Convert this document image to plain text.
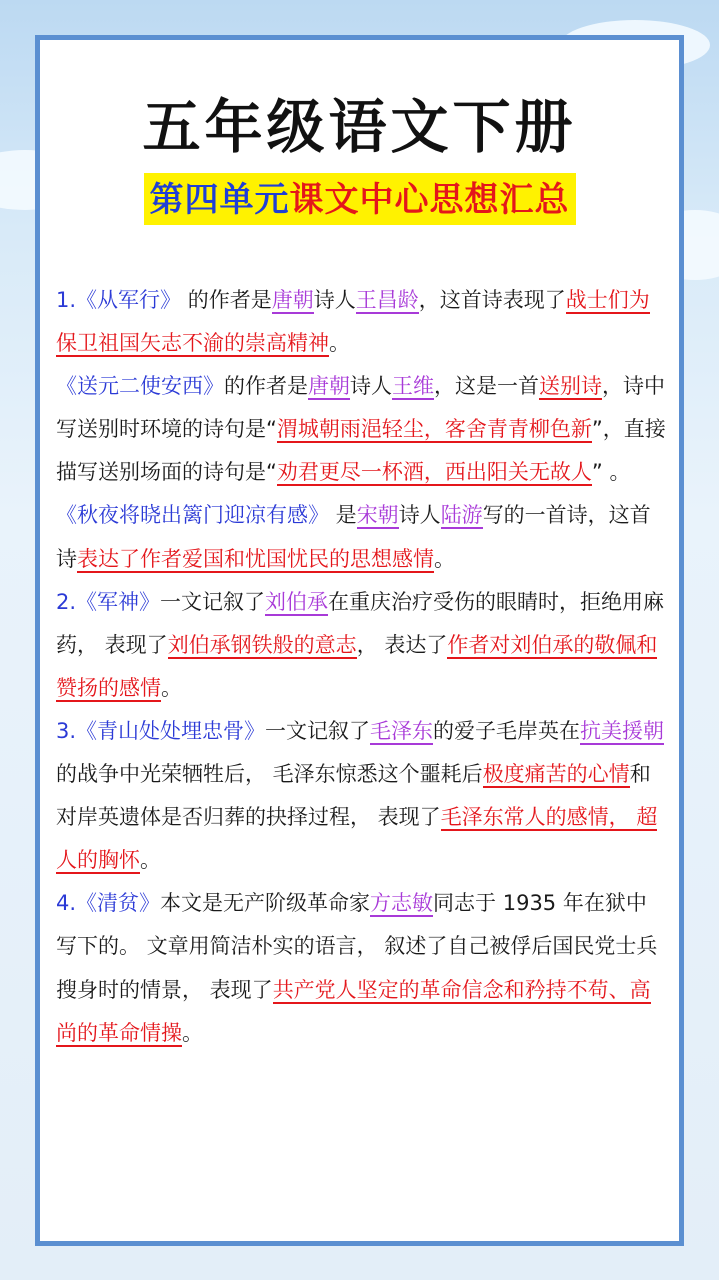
五年级语文下册
第四单元课文中心思想汇总

1.《从军行》 的作者是唐朝诗人王昌龄，这首诗表现了战士们为保卫祖国矢志不渝的崇高精神。

《送元二使安西》的作者是唐朝诗人王维，这是一首送别诗，诗中写送别时环境的诗句是“渭城朝雨浥轻尘，客舍青青柳色新”，直接描写送别场面的诗句是“劝君更尽一杯酒，西出阳关无故人” 。

《秋夜将晓出篱门迎凉有感》 是宋朝诗人陆游写的一首诗，这首 诗表达了作者爱国和忧国忧民的思想感情。

2.《军神》一文记叙了刘伯承在重庆治疗受伤的眼睛时，拒绝用麻药， 表现了刘伯承钢铁般的意志， 表达了作者对刘伯承的敬佩和赞扬的感情。

3.《青山处处埋忠骨》一文记叙了毛泽东的爱子毛岸英在抗美援朝的战争中光荣牺牲后， 毛泽东惊悉这个噩耗后极度痛苦的心情和对岸英遗体是否归葬的抉择过程， 表现了毛泽东常人的感情， 超人的胸怀。

4.《清贫》本文是无产阶级革命家方志敏同志于 1935 年在狱中写下的。 文章用简洁朴实的语言， 叙述了自己被俘后国民党士兵搜身时的情景， 表现了共产党人坚定的革命信念和矜持不苟、高尚的革命情操。
